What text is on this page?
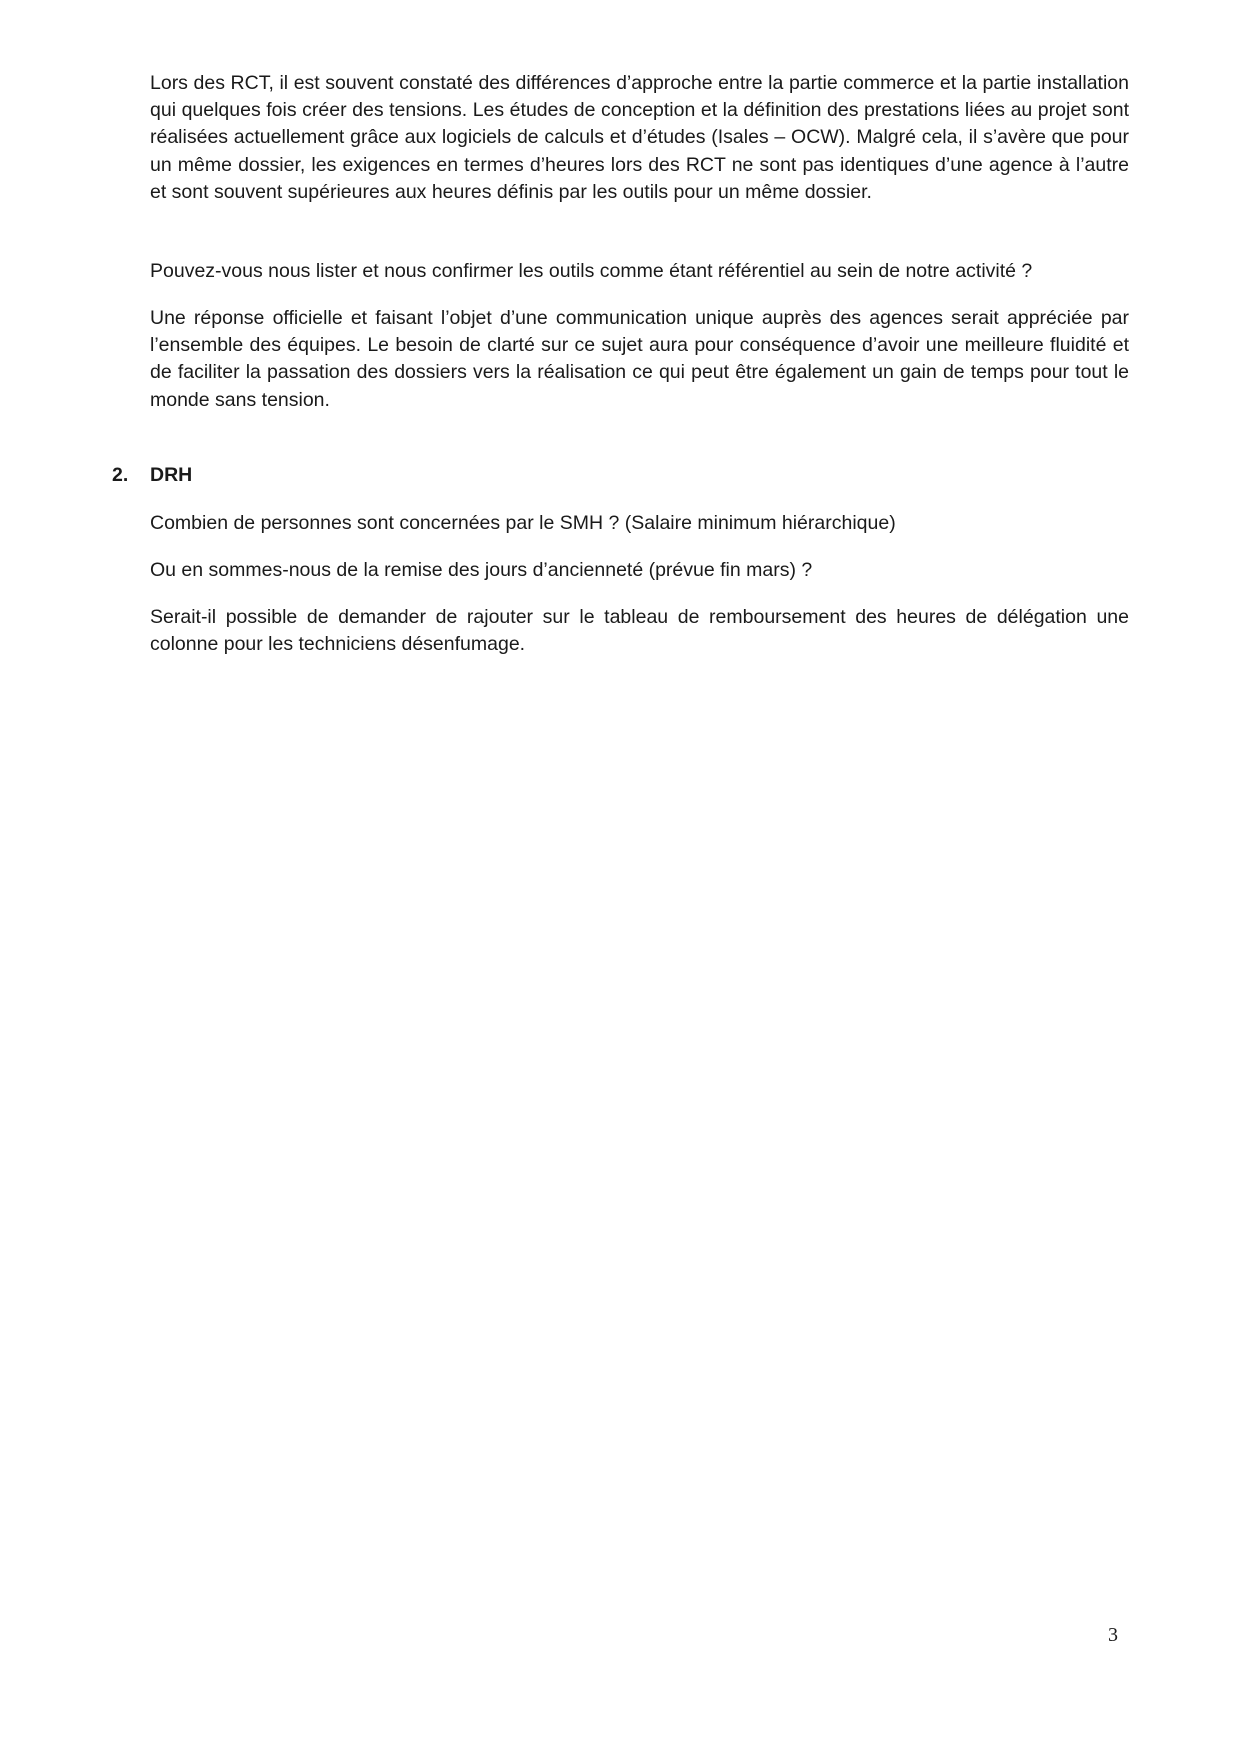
Lors des RCT, il est souvent constaté des différences d’approche entre la partie commerce et la partie installation qui quelques fois créer des tensions. Les études de conception et la définition des prestations liées au projet sont réalisées actuellement grâce aux logiciels de calculs et d’études (Isales – OCW). Malgré cela, il s’avère que pour un même dossier, les exigences en termes d’heures lors des RCT ne sont pas identiques d’une agence à l’autre et sont souvent supérieures aux heures définis par les outils pour un même dossier.

Pouvez-vous nous lister et nous confirmer les outils comme étant référentiel au sein de notre activité ?

Une réponse officielle et faisant l’objet d’une communication unique auprès des agences serait appréciée par l’ensemble des équipes. Le besoin de clarté sur ce sujet aura pour conséquence d’avoir une meilleure fluidité et de faciliter la passation des dossiers vers la réalisation ce qui peut être également un gain de temps pour tout le monde sans tension.

2.	DRH

Combien de personnes sont concernées par le SMH ? (Salaire minimum hiérarchique)

Ou en sommes-nous de la remise des jours d’ancienneté (prévue fin mars) ?

Serait-il possible de demander de rajouter sur le tableau de remboursement des heures de délégation une colonne pour les techniciens désenfumage.

3
